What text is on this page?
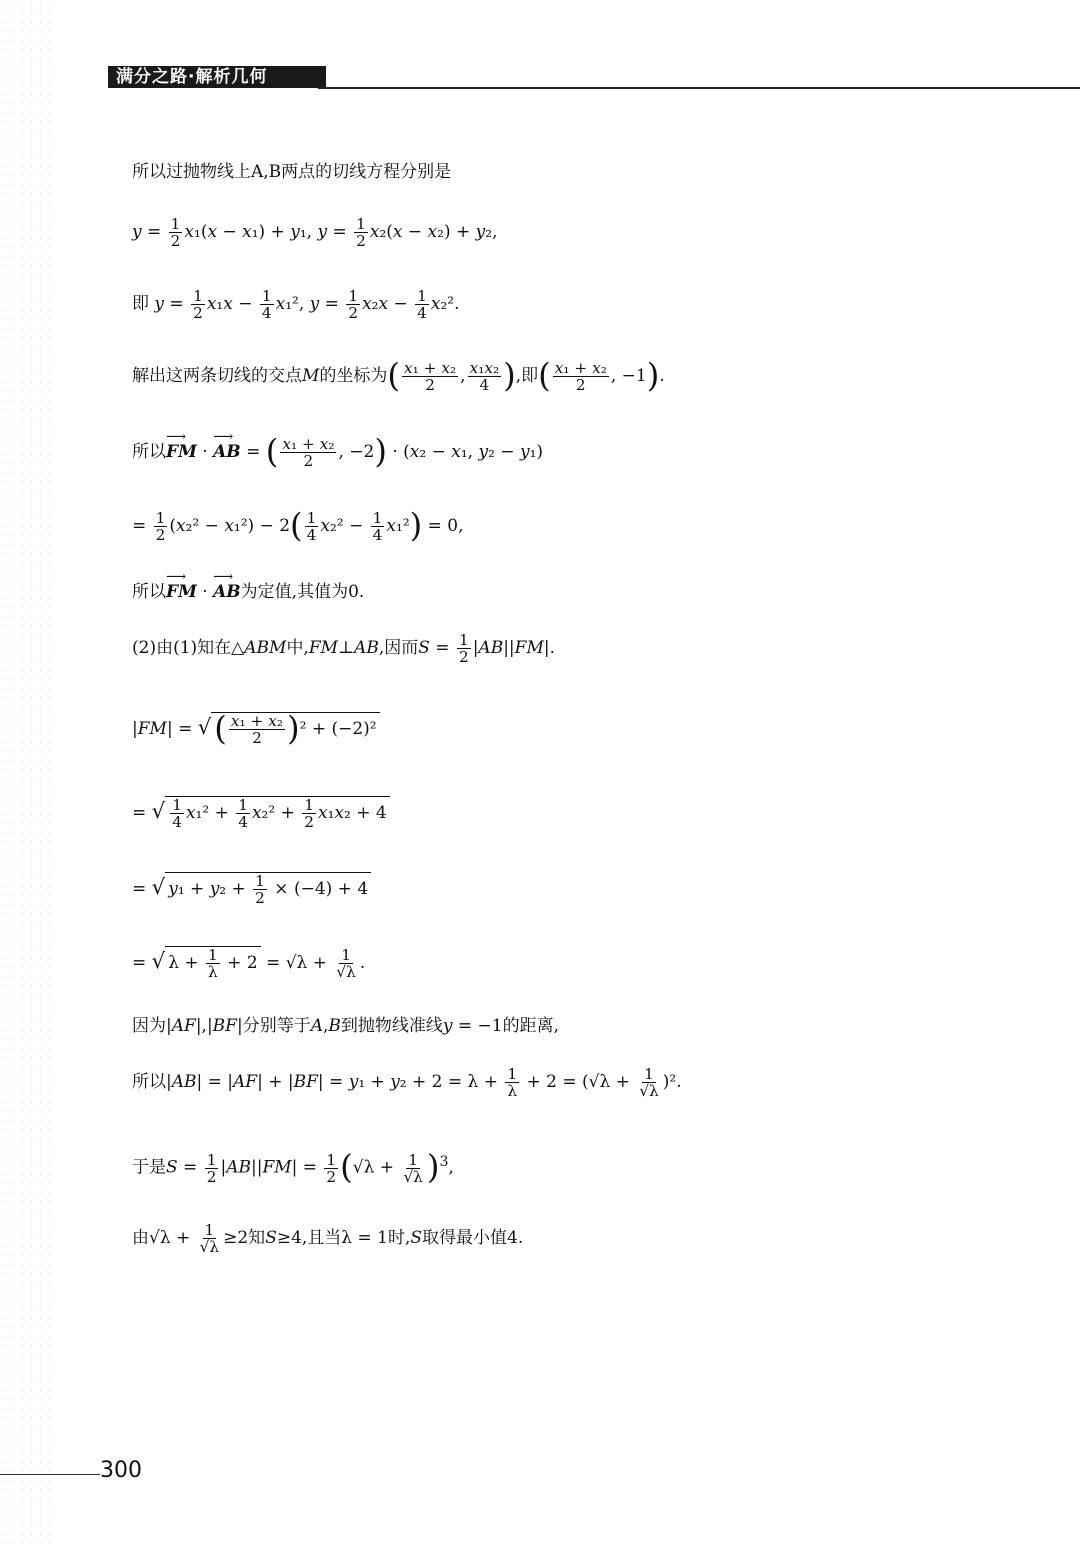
满分之路·解析几何
所以过抛物线上A,B两点的切线方程分别是
$y = \frac{1}{2} x_1(x - x_1) + y_1$, $y = \frac{1}{2} x_2(x - x_2) + y_2$,
即 $y = \frac{1}{2} x_1x - \frac{1}{4} x_1^2$, $y = \frac{1}{2} x_2x - \frac{1}{4} x_2^2$.
解出这两条切线的交点M的坐标为( $\frac{\text{x₁ + x₂}}{2}$ , $\frac{\text{x₁x₂}}{4}$ ),即( $\frac{\text{x₁ + x₂}}{2}$ , −1).
所以⟶ FM · ⟶ AB = ( $\frac{\text{x₁ + x₂}}{2}$ , −2) · (x₂ − x₁, y₂ − y₁)
= $\frac{1}{2} (x_2^2 - x_1^2) - 2( \frac{1}{4} x_2^2 - \frac{1}{4} x_1^2) = 0$,
所以⟶ FM · ⟶ AB为定值,其值为0.
(2)由(1)知在△ABM中,FM⊥AB,因而$S = \frac{1}{2} |AB||FM|$.
|FM| = √( $\frac{\text{x₁ + x₂}}{2} )^2 + (-2)^2$
= √ $\frac{1}{4} x_1^2 + \frac{1}{4} x_2^2 + \frac{1}{2} x_1x_2 + 4$
= √ $y_1 + y_2 + \frac{1}{2} \times (-4) + 4$
= √ $\lambda + \frac{1}{\lambda} + 2 = √\lambda + \frac{1}{√\lambda}$ .
因为|AF|,|BF|分别等于A,B到抛物线准线y = −1的距离,
所以$|AB| = |AF| + |BF| = y_1 + y_2 + 2 = \lambda + \frac{1}{\lambda} + 2 = (√\lambda + \frac{1}{√\lambda} )^2$.
于是$S = \frac{1}{2} |AB||FM| = \frac{1}{2} (√\lambda + \frac{1}{√\lambda} )^3$,
由$√\lambda + \frac{1}{√\lambda} \ge 2$知S≥4,且当λ = 1时,S取得最小值4.
300
